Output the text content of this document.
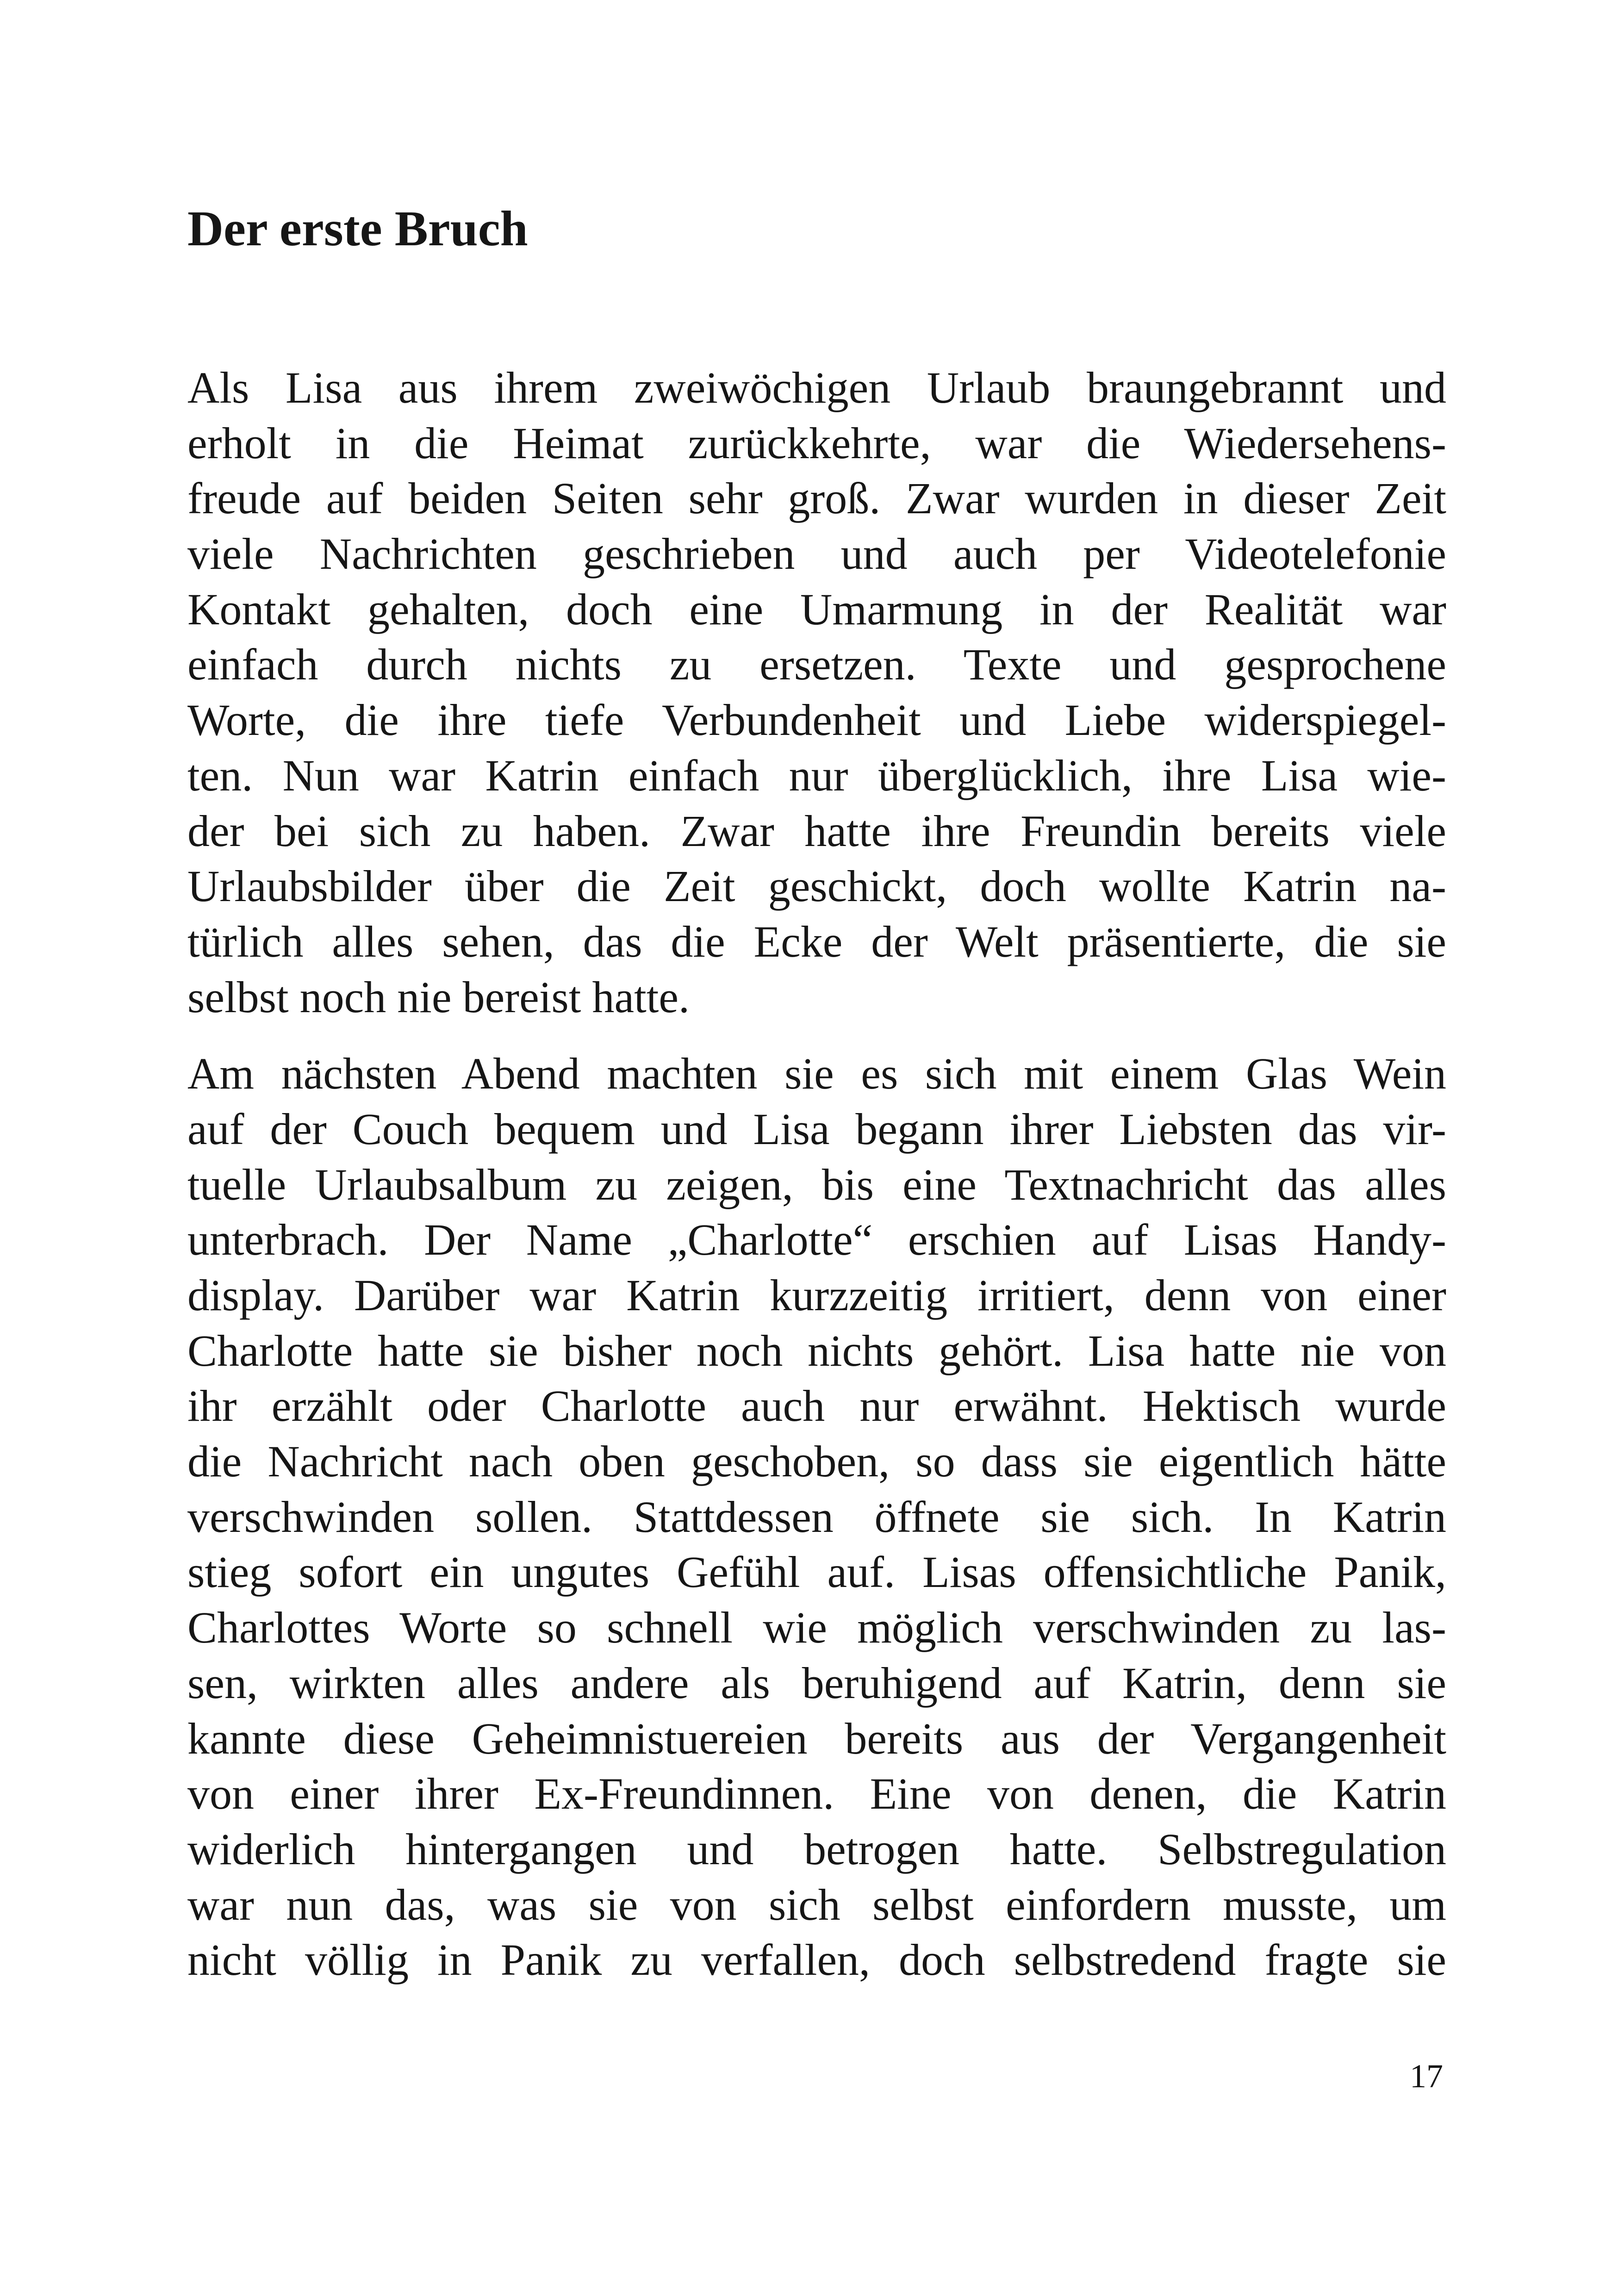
Der erste Bruch

Als Lisa aus ihrem zweiwöchigen Urlaub braungebrannt und
erholt in die Heimat zurückkehrte, war die Wiedersehens-
freude auf beiden Seiten sehr groß. Zwar wurden in dieser Zeit
viele Nachrichten geschrieben und auch per Videotelefonie
Kontakt gehalten, doch eine Umarmung in der Realität war
einfach durch nichts zu ersetzen. Texte und gesprochene
Worte, die ihre tiefe Verbundenheit und Liebe widerspiegel-
ten. Nun war Katrin einfach nur überglücklich, ihre Lisa wie-
der bei sich zu haben. Zwar hatte ihre Freundin bereits viele
Urlaubsbilder über die Zeit geschickt, doch wollte Katrin na-
türlich alles sehen, das die Ecke der Welt präsentierte, die sie
selbst noch nie bereist hatte.

Am nächsten Abend machten sie es sich mit einem Glas Wein
auf der Couch bequem und Lisa begann ihrer Liebsten das vir-
tuelle Urlaubsalbum zu zeigen, bis eine Textnachricht das alles
unterbrach. Der Name „Charlotte“ erschien auf Lisas Handy-
display. Darüber war Katrin kurzzeitig irritiert, denn von einer
Charlotte hatte sie bisher noch nichts gehört. Lisa hatte nie von
ihr erzählt oder Charlotte auch nur erwähnt. Hektisch wurde
die Nachricht nach oben geschoben, so dass sie eigentlich hätte
verschwinden sollen. Stattdessen öffnete sie sich. In Katrin
stieg sofort ein ungutes Gefühl auf. Lisas offensichtliche Panik,
Charlottes Worte so schnell wie möglich verschwinden zu las-
sen, wirkten alles andere als beruhigend auf Katrin, denn sie
kannte diese Geheimnistuereien bereits aus der Vergangenheit
von einer ihrer Ex-Freundinnen. Eine von denen, die Katrin
widerlich hintergangen und betrogen hatte. Selbstregulation
war nun das, was sie von sich selbst einfordern musste, um
nicht völlig in Panik zu verfallen, doch selbstredend fragte sie

17
